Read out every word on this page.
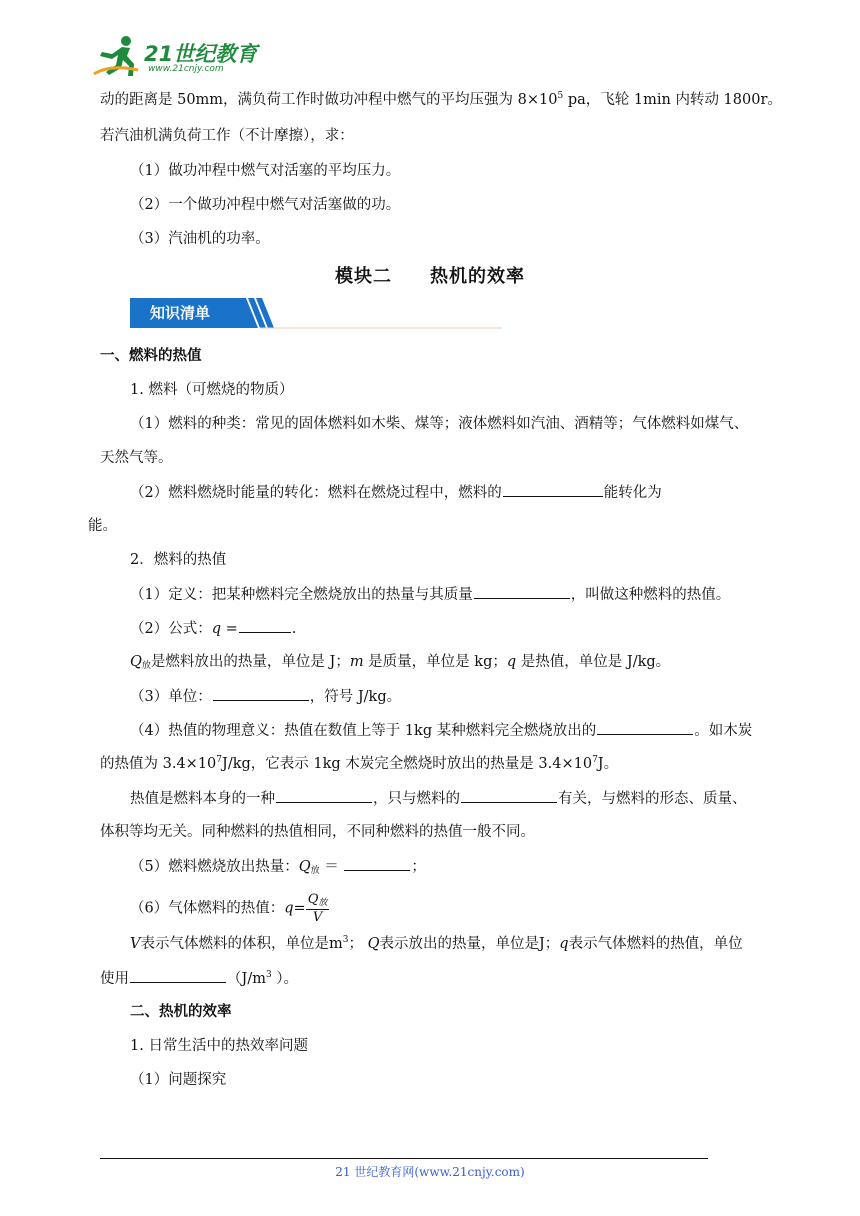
21世纪教育
www.21cnjy.com
动的距离是 50mm，满负荷工作时做功冲程中燃气的平均压强为 $8\times 10^5$ pa，飞轮 1min 内转动 1800r。
若汽油机满负荷工作（不计摩擦），求：
（1）做功冲程中燃气对活塞的平均压力。
（2）一个做功冲程中燃气对活塞做的功。
（3）汽油机的功率。
模块二　　热机的效率
知识清单
一、燃料的热值
1. 燃料（可燃烧的物质）
（1）燃料的种类：常见的固体燃料如木柴、煤等；液体燃料如汽油、酒精等；气体燃料如煤气、
天然气等。
（2）燃料燃烧时能量的转化：燃料在燃烧过程中，燃料的	能转化为
能。
2．燃料的热值
（1）定义：把某种燃料完全燃烧放出的热量与其质量	，叫做这种燃料的热值。
（2）公式：q =	.
$Q_放$是燃料放出的热量，单位是 J；m 是质量，单位是 kg；q 是热值，单位是 J/kg。
（3）单位：	，符号 J/kg。
（4）热值的物理意义：热值在数值上等于 1kg 某种燃料完全燃烧放出的	。如木炭
的热值为 $3.4\times 10^7J/kg$，它表示 1kg 木炭完全燃烧时放出的热量是 $3.4\times 10^7J$。
热值是燃料本身的一种	，只与燃料的	有关，与燃料的形态、质量、
体积等均无关。同种燃料的热值相同，不同种燃料的热值一般不同。
（5）燃料燃烧放出热量：$Q_放$ ＝	；
（6）气体燃料的热值：$q= \frac{Q_放}{V}$
V表示气体燃料的体积，单位是$m^3$； Q表示放出的热量，单位是J；q表示气体燃料的热值，单位
使用	（$J/m^3$ ）。
二、热机的效率
1. 日常生活中的热效率问题
（1）问题探究
21 世纪教育网(www.21cnjy.com)
